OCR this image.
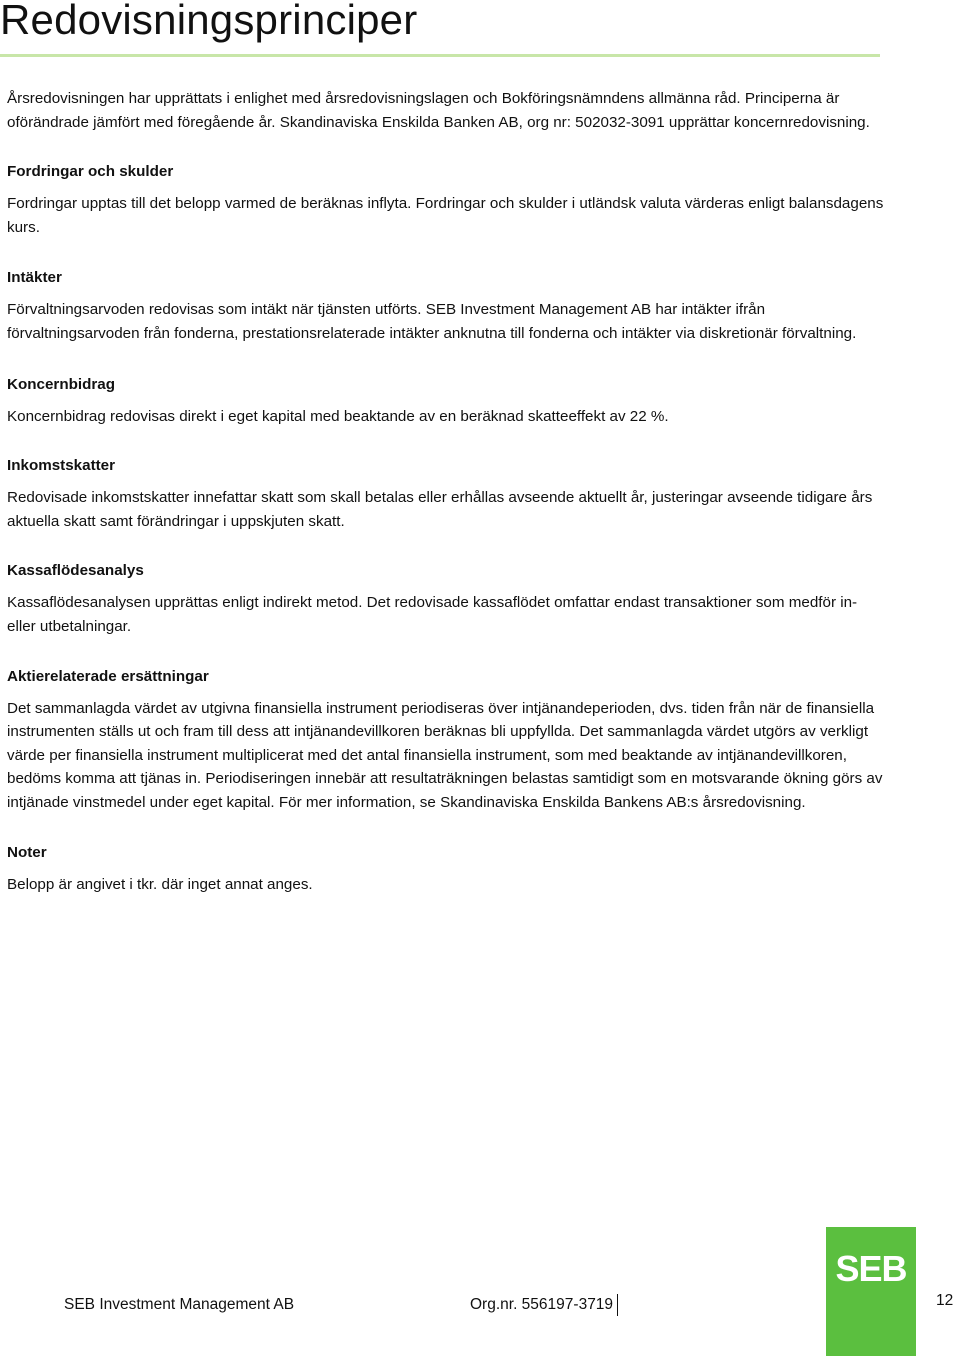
Redovisningsprinciper

Årsredovisningen har upprättats i enlighet med årsredovisningslagen och Bokföringsnämndens allmänna råd. Principerna är oförändrade jämfört med föregående år. Skandinaviska Enskilda Banken AB, org nr: 502032-3091 upprättar koncernredovisning.

Fordringar och skulder

Fordringar upptas till det belopp varmed de beräknas inflyta. Fordringar och skulder i utländsk valuta värderas enligt balansdagens kurs.

Intäkter

Förvaltningsarvoden redovisas som intäkt när tjänsten utförts. SEB Investment Management AB har intäkter ifrån förvaltningsarvoden från fonderna, prestationsrelaterade intäkter anknutna till fonderna och intäkter via diskretionär förvaltning.

Koncernbidrag

Koncernbidrag redovisas direkt i eget kapital med beaktande av en beräknad skatteeffekt av 22 %.

Inkomstskatter

Redovisade inkomstskatter innefattar skatt som skall betalas eller erhållas avseende aktuellt år, justeringar avseende tidigare års aktuella skatt samt förändringar i uppskjuten skatt.

Kassaflödesanalys

Kassaflödesanalysen upprättas enligt indirekt metod. Det redovisade kassaflödet omfattar endast transaktioner som medför in- eller utbetalningar.

Aktierelaterade ersättningar

Det sammanlagda värdet av utgivna finansiella instrument periodiseras över intjänandeperioden, dvs. tiden från när de finansiella instrumenten ställs ut och fram till dess att intjänandevillkoren beräknas bli uppfyllda. Det sammanlagda värdet utgörs av verkligt värde per finansiella instrument multiplicerat med det antal finansiella instrument, som med beaktande av intjänandevillkoren, bedöms komma att tjänas in. Periodiseringen innebär att resultaträkningen belastas samtidigt som en motsvarande ökning görs av intjänade vinstmedel under eget kapital. För mer information, se Skandinaviska Enskilda Bankens AB:s årsredovisning.

Noter

Belopp är angivet i tkr. där inget annat anges.

SEB
SEB Investment Management AB	Org.nr. 556197-3719	12
